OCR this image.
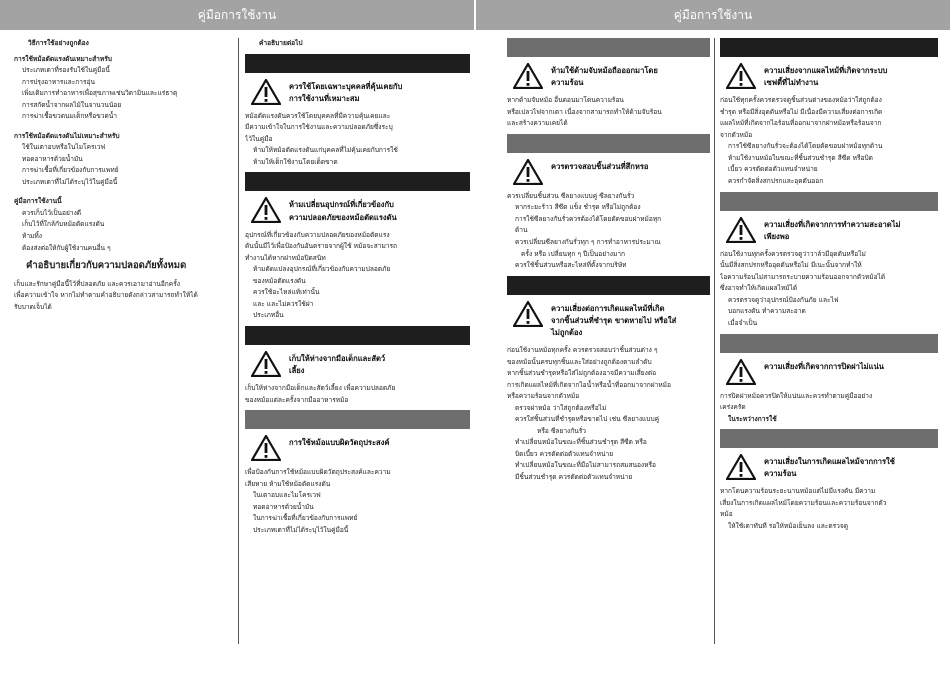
คู่มือการใช้งาน	คู่มือการใช้งาน
วิธีการใช้อย่างถูกต้อง
การใช้หม้อตัดแรงดันเหมาะสำหรับ
ประเภทเตาที่รองรับใช้ในคู่มือนี้
การปรุงอาหารและการอุ่น
เพิ่มเติมการทำอาหารเพื่อสุขภาพเช่นวิตามินและแร่ธาตุ
การสกัดน้ำจากผลไม้ในจานวนน้อย
การฆ่าเชื้อขวดนมเด็กหรือขวดน้ำ
การใช้หม้อตัดแรงดันไม่เหมาะสำหรับ
ใช้ในเตาอบหรือในไมโครเวฟ
ทอดอาหารด้วยน้ำมัน
การฆ่าเชื้อที่เกี่ยวข้องกับการแพทย์
ประเภทเตาที่ไม่ได้ระบุไว้ในคู่มือนี้
คู่มือการใช้งานนี้
ควรเก็บไว้เป็นอย่างดี
เก็บไว้ที่ใกล้กับหม้อตัดแรงดัน
ห้ามทิ้ง
ต้องส่งต่อให้กับผู้ใช้งานคนอื่น ๆ
คำอธิบายเกี่ยวกับความปลอดภัยทั้งหมด
เก็บและรักษาคู่มือนี้ไว้ที่ปลอดภัย และควรเอามาอ่านอีกครั้ง
เพื่อความเข้าใจ หากไม่ทำตามคำอธิบายดังกล่าวสามารถทำให้ได้
รับบาดเจ็บได้
คำอธิบายต่อไป
ควรใช้โดยเฉพาะบุคคลที่คุ้นเคยกับ
การใช้งานที่เหมาะสม
หม้อตัดแรงดันควรใช้โดยบุคคลที่มีความคุ้นเคยและ
มีความเข้าใจในการใช้งานและความปลอดภัยซึ่งระบุ
ไว้ในคู่มือ
ห้ามให้หม้อตัดแรงดันแก่บุคคลที่ไม่คุ้นเคยกับการใช้
ห้ามให้เด็กใช้งานโดยเด็ดขาด
ห้ามเปลี่ยนอุปกรณ์ที่เกี่ยวข้องกับ
ความปลอดภัยของหม้อตัดแรงดัน
อุปกรณ์ที่เกี่ยวข้องกับความปลอดภัยของหม้อตัดแรง
ดันนั้นมีไว้เพื่อป้องกันอันตรายจากผู้ใช้ หม้อจะสามารถ
ทำงานได้หากฝาหม้อปิดสนิท
ห้ามตัดแปลงอุปกรณ์ที่เกี่ยวข้องกับความปลอดภัย
ของหม้อตัดแรงดัน
ควรใช้อะไหล่แท้เท่านั้น
และ และไม่ควรใช้ฝา
ประเภทอื่น
เก็บให้ห่างจากมือเด็กและสัตว์
เลี้ยง
เก็บให้ห่างจากมือเด็กและสัตว์เลี้ยง เพื่อความปลอดภัย
ของหม้อแต่ละครั้งจากมืออาหารหม้อ
การใช้หม้อแบบผิดวัตถุประสงค์
เพื่อป้องกันการใช้หม้อแบบผิดวัตถุประสงค์และความ
เสียหาย ห้ามใช้หม้อตัดแรงดัน
ในเตาอบและไมโครเวฟ
ทอดอาหารด้วยน้ำมัน
ในการฆ่าเชื้อที่เกี่ยวข้องกับการแพทย์
ประเภทเตาที่ไม่ได้ระบุไว้ในคู่มือนี้
ห้ามใช้ด้ามจับหม้อถือออกมาโดย
ความร้อน
หากด้ามจับหม้อ อื่นตอนมาโดนความร้อน
หรือเปลวไฟจากเตา เนื่องจากสามารถทำให้ด้ามจับร้อน
และสร้างความเคยได้
ควรตรวจสอบชิ้นส่วนที่สึกหรอ
ควรเปลี่ยนชิ้นส่วน ซีลยางแบบคู่ ซีลยางกันรั่ว
หากระยะร้าว สีซีด แข็ง ชำรุด หรือไม่ถูกต้อง
การใช้ซีลยางกันรั่วควรต้องได้โดยตัดขอบฝาหม้อทุก
ด้าน
ควรเปลี่ยนซีลยางกันรั่วทุก ๆ การทำอาหารประมาณ
ครั้ง หรือ เปลี่ยนทุก ๆ ปีเป็นอย่างมาก
ควรใช้ชิ้นส่วนหรือสะไหล่ที่ตั้งจากบริษัท
ความเสี่ยงต่อการเกิดแผลไหม้ที่เกิด
จากชิ้นส่วนที่ชำรุด ขาดหายไป หรือใส่
ไม่ถูกต้อง
ก่อนใช้งานหม้อทุกครั้ง ควรตรวจสอบว่าชิ้นส่วนต่าง ๆ
ของหม้อนั้นครบทุกชิ้นและใส่อย่างถูกต้องตามลำดับ
หากชิ้นส่วนชำรุดหรือใส่ไม่ถูกต้องอาจมีความเสี่ยงต่อ
การเกิดแผลไหม้ที่เกิดจากไอน้ำหรือน้ำที่ออกมาจากฝาหม้อ
หรือความร้อนจากตัวหม้อ
ตรวจฝาหม้อ ว่าใส่ถูกต้องหรือไม่
ควรใส่ชิ้นส่วนที่ชำรุดหรือขาดไป เช่น ซีลยางแบบคู่
หรือ ซีลยางกันรั่ว
ทำเปลี่ยนหม้อในขณะที่ชิ้นส่วนชำรุด สีซีด หรือ
บิดเบี้ยว ควรตัดต่อตัวแทนจำหน่าย
ทำเปลี่ยนหม้อในขณะที่มือไม่สามารถสมสนองหรือ
มีชิ้นส่วนชำรุด ควรตัดต่อตัวแทนจำหน่าย
ความเสี่ยงจากแผลไหม้ที่เกิดจากระบบ
เซฟตี้ที่ไม่ทำงาน
ก่อนใช้ทุกครั้งควรตรวจดูชิ้นส่วนต่างของหม้อว่าใส่ถูกต้อง
ชำรุด หรือมีสิ่งอุดตันหรือไม่ มีเนื่องมีความเสี่ยงต่อการเกิด
แผลไหม้ที่เกิดจากไอร้อนที่ออกมาจากฝาหม้อหรือร้อนจาก
จากตัวหม้อ
การใช้ซีลยางกันรั่วจะต้องได้โดยตัดขอบฝาหม้อทุกด้าน
ห้ามใช้งานหม้อในขณะที่ชิ้นส่วนชำรุด สีซีด หรือบิด
เบี้ยว ควรตัดต่อตัวแทนจำหน่าย
ควรกำจัดสิ่งสกปรกและอุดตันออก
ความเสี่ยงที่เกิดจากการทำความสะอาดไม่
เพียงพอ
ก่อนใช้งานทุกครั้งควรตรวจดูว่าวาล์วมีอุดตันหรือไม่
นั้นมีสิ่งสกปรกหรืออุดตันหรือไม่ มีเนะนั้นจากทำให้
ไอความร้อนไม่สามารถระบายความร้อนออกจากตัวหม้อได้
ซึ่งอาจทำให้เกิดแผลไหม้ได้
ควรตรวจดูว่าอุปกรณ์ป้องกันภัย และไฟ
บอกแรงดัน ทำความสะอาด
เมื่อจำเป็น
ความเสี่ยงที่เกิดจากการปิดฝาไม่แน่น
การปิดฝาหม้อควรปิดให้แน่นและควรทำตามคู่มืออย่าง
เคร่งครัด
ในระหว่างการใช้
ความเสี่ยงในการเกิดแผลไหม้จากการใช้
ความร้อน
หากโดนความร้อนระยะนานหม้อแต่ไม่มีแรงดัน มีความ
เสี่ยงในการเกิดแผลไหม้โดยความร้อนและความร้อนจากตัว
หม้อ
ให้ใช้เตาทันที รอให้หม้อเย็นลง และตรวจดู
